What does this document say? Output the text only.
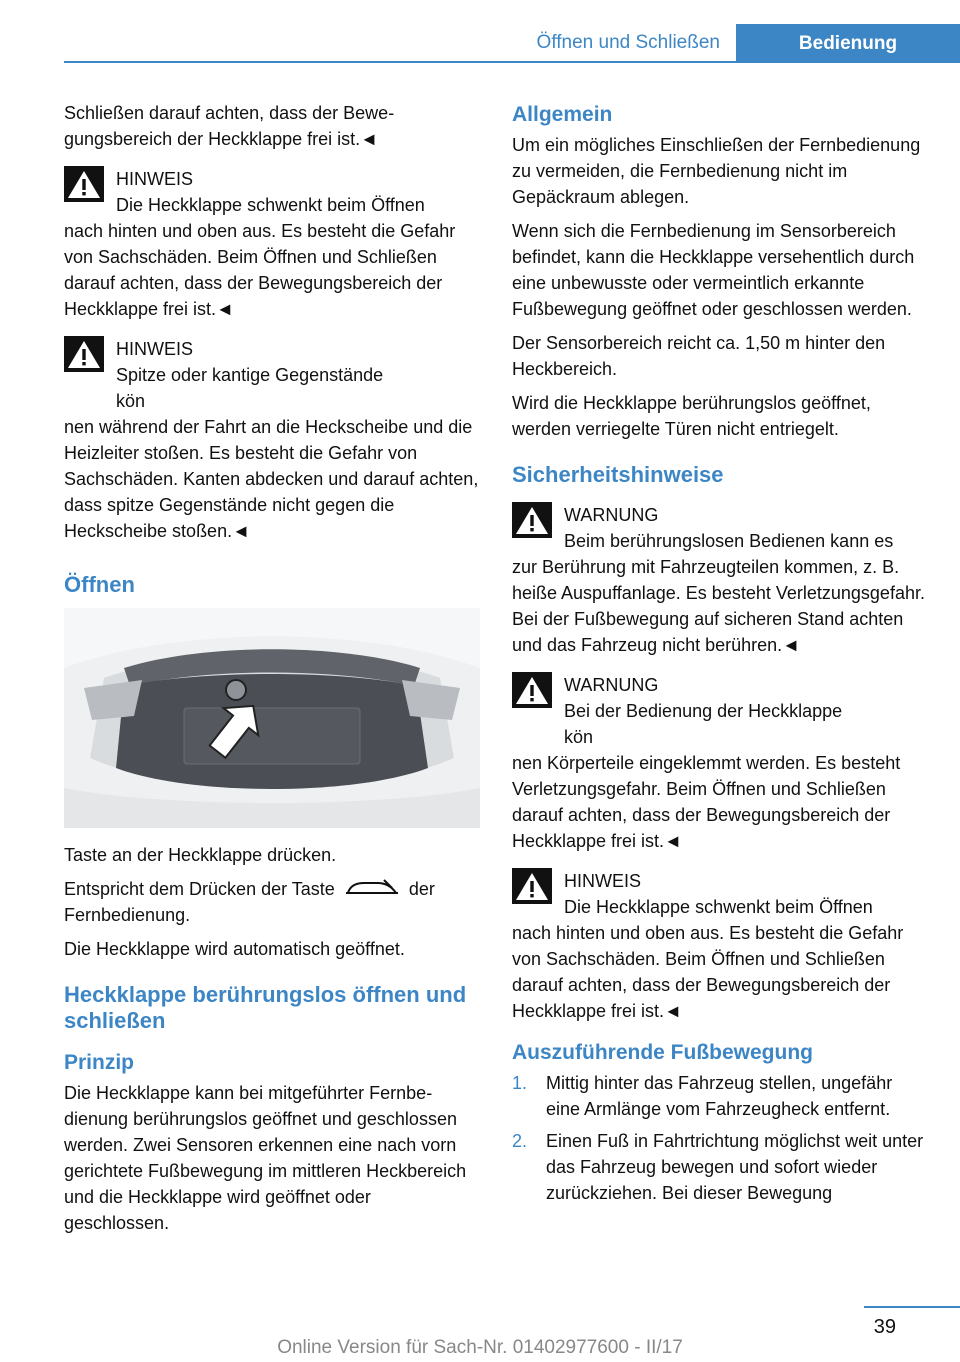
Öffnen und Schließen	Bedienung

Schließen darauf achten, dass der Bewegungsbereich der Heckklappe frei ist.◄

HINWEIS
Die Heckklappe schwenkt beim Öffnen

nach hinten und oben aus. Es besteht die Gefahr von Sachschäden. Beim Öffnen und Schließen darauf achten, dass der Bewegungsbereich der Heckklappe frei ist.◄

HINWEIS
Spitze oder kantige Gegenstände kön

nen während der Fahrt an die Heckscheibe und die Heizleiter stoßen. Es besteht die Gefahr von Sachschäden. Kanten abdecken und darauf achten, dass spitze Gegenstände nicht gegen die Heckscheibe stoßen.◄

Öffnen

Taste an der Heckklappe drücken.

Entspricht dem Drücken der Taste	der Fernbedienung.

Die Heckklappe wird automatisch geöffnet.

Heckklappe berührungslos öffnen und schließen
Prinzip

Die Heckklappe kann bei mitgeführter Fernbedienung berührungslos geöffnet und geschlossen werden. Zwei Sensoren erkennen eine nach vorn gerichtete Fußbewegung im mittleren Heckbereich und die Heckklappe wird geöffnet oder geschlossen.

Allgemein

Um ein mögliches Einschließen der Fernbedienung zu vermeiden, die Fernbedienung nicht im Gepäckraum ablegen.

Wenn sich die Fernbedienung im Sensorbereich befindet, kann die Heckklappe versehentlich durch eine unbewusste oder vermeintlich erkannte Fußbewegung geöffnet oder geschlossen werden.

Der Sensorbereich reicht ca. 1,50 m hinter den Heckbereich.

Wird die Heckklappe berührungslos geöffnet, werden verriegelte Türen nicht entriegelt.

Sicherheitshinweise
WARNUNG
Beim berührungslosen Bedienen kann es

zur Berührung mit Fahrzeugteilen kommen, z. B. heiße Auspuffanlage. Es besteht Verletzungsgefahr. Bei der Fußbewegung auf sicheren Stand achten und das Fahrzeug nicht berühren.◄

WARNUNG
Bei der Bedienung der Heckklappe kön

nen Körperteile eingeklemmt werden. Es besteht Verletzungsgefahr. Beim Öffnen und Schließen darauf achten, dass der Bewegungsbereich der Heckklappe frei ist.◄

HINWEIS
Die Heckklappe schwenkt beim Öffnen

nach hinten und oben aus. Es besteht die Gefahr von Sachschäden. Beim Öffnen und Schließen darauf achten, dass der Bewegungsbereich der Heckklappe frei ist.◄

Auszuführende Fußbewegung
1.	Mittig hinter das Fahrzeug stellen, ungefähr eine Armlänge vom Fahrzeugheck entfernt.
2.	Einen Fuß in Fahrtrichtung möglichst weit unter das Fahrzeug bewegen und sofort wieder zurückziehen. Bei dieser Bewegung
39
Online Version für Sach-Nr. 01402977600 - II/17
